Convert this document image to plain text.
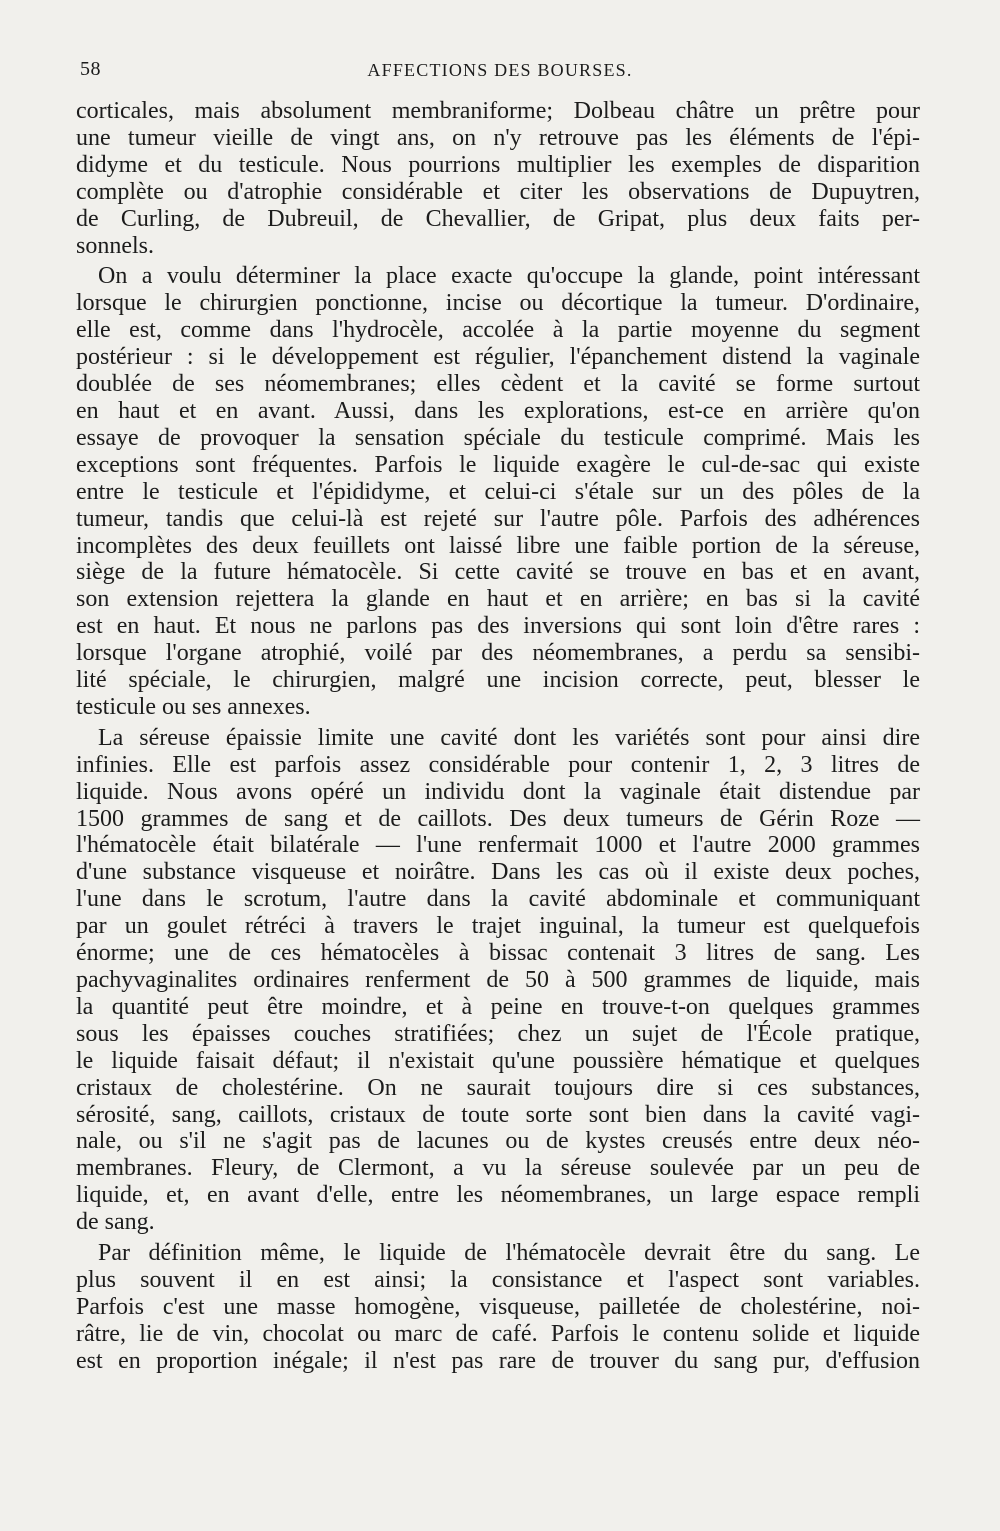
58	AFFECTIONS DES BOURSES.

corticales, mais absolument membraniforme; Dolbeau châtre un prêtre pour
une tumeur vieille de vingt ans, on n'y retrouve pas les éléments de l'épi-
didyme et du testicule. Nous pourrions multiplier les exemples de disparition
complète ou d'atrophie considérable et citer les observations de Dupuytren,
de Curling, de Dubreuil, de Chevallier, de Gripat, plus deux faits per-
sonnels.

On a voulu déterminer la place exacte qu'occupe la glande, point intéressant
lorsque le chirurgien ponctionne, incise ou décortique la tumeur. D'ordinaire,
elle est, comme dans l'hydrocèle, accolée à la partie moyenne du segment
postérieur : si le développement est régulier, l'épanchement distend la vaginale
doublée de ses néomembranes; elles cèdent et la cavité se forme surtout
en haut et en avant. Aussi, dans les explorations, est-ce en arrière qu'on
essaye de provoquer la sensation spéciale du testicule comprimé. Mais les
exceptions sont fréquentes. Parfois le liquide exagère le cul-de-sac qui existe
entre le testicule et l'épididyme, et celui-ci s'étale sur un des pôles de la
tumeur, tandis que celui-là est rejeté sur l'autre pôle. Parfois des adhérences
incomplètes des deux feuillets ont laissé libre une faible portion de la séreuse,
siège de la future hématocèle. Si cette cavité se trouve en bas et en avant,
son extension rejettera la glande en haut et en arrière; en bas si la cavité
est en haut. Et nous ne parlons pas des inversions qui sont loin d'être rares :
lorsque l'organe atrophié, voilé par des néomembranes, a perdu sa sensibi-
lité spéciale, le chirurgien, malgré une incision correcte, peut, blesser le
testicule ou ses annexes.

La séreuse épaissie limite une cavité dont les variétés sont pour ainsi dire
infinies. Elle est parfois assez considérable pour contenir 1, 2, 3 litres de
liquide. Nous avons opéré un individu dont la vaginale était distendue par
1500 grammes de sang et de caillots. Des deux tumeurs de Gérin Roze —
l'hématocèle était bilatérale — l'une renfermait 1000 et l'autre 2000 grammes
d'une substance visqueuse et noirâtre. Dans les cas où il existe deux poches,
l'une dans le scrotum, l'autre dans la cavité abdominale et communiquant
par un goulet rétréci à travers le trajet inguinal, la tumeur est quelquefois
énorme; une de ces hématocèles à bissac contenait 3 litres de sang. Les
pachyvaginalites ordinaires renferment de 50 à 500 grammes de liquide, mais
la quantité peut être moindre, et à peine en trouve-t-on quelques grammes
sous les épaisses couches stratifiées; chez un sujet de l'École pratique,
le liquide faisait défaut; il n'existait qu'une poussière hématique et quelques
cristaux de cholestérine. On ne saurait toujours dire si ces substances,
sérosité, sang, caillots, cristaux de toute sorte sont bien dans la cavité vagi-
nale, ou s'il ne s'agit pas de lacunes ou de kystes creusés entre deux néo-
membranes. Fleury, de Clermont, a vu la séreuse soulevée par un peu de
liquide, et, en avant d'elle, entre les néomembranes, un large espace rempli
de sang.

Par définition même, le liquide de l'hématocèle devrait être du sang. Le
plus souvent il en est ainsi; la consistance et l'aspect sont variables.
Parfois c'est une masse homogène, visqueuse, pailletée de cholestérine, noi-
râtre, lie de vin, chocolat ou marc de café. Parfois le contenu solide et liquide
est en proportion inégale; il n'est pas rare de trouver du sang pur, d'effusion
